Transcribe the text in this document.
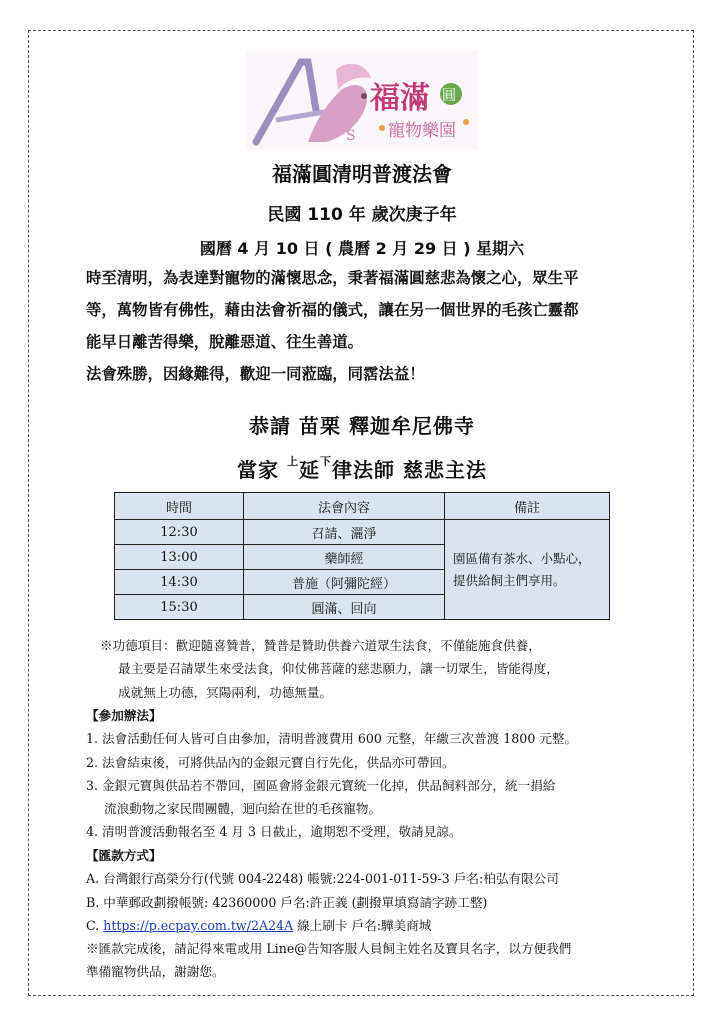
S
福滿 圓
寵物樂園
福滿圓清明普渡法會
民國 110 年 歲次庚子年
國曆 4 月 10 日 ( 農曆 2 月 29 日 ) 星期六

時至清明，為表達對寵物的滿懷思念，秉著福滿圓慈悲為懷之心，眾生平

等，萬物皆有佛性，藉由法會祈福的儀式，讓在另一個世界的毛孩亡靈都

能早日離苦得樂，脫離惡道、往生善道。

法會殊勝，因緣難得，歡迎一同蒞臨，同霑法益！

恭請 苗栗 釋迦牟尼佛寺
當家 $^上$延$^下$律法師 慈悲主法
時間	法會內容	備註
12:30	召請、灑淨	園區備有茶水、小點心，
提供給飼主們享用。

13:00	藥師經	
14:30	普施（阿彌陀經）	
15:30	圓滿、回向	

※功德項目：歡迎隨喜贊普，贊普是贊助供養六道眾生法食，不僅能施食供養，

最主要是召請眾生來受法食，仰仗佛菩薩的慈悲願力，讓一切眾生，皆能得度，

成就無上功德，冥陽兩利，功德無量。

【參加辦法】

1. 法會活動任何人皆可自由參加，清明普渡費用 600 元整，年繳三次普渡 1800 元整。

2. 法會結束後，可將供品內的金銀元寶自行先化，供品亦可帶回。

3. 金銀元寶與供品若不帶回，園區會將金銀元寶統一化掉，供品飼料部分，統一捐給

流浪動物之家民間團體，迴向給在世的毛孩寵物。

4. 清明普渡活動報名至 4 月 3 日截止，逾期恕不受理，敬請見諒。

【匯款方式】

A. 台灣銀行高榮分行(代號 004-2248) 帳號:224-001-011-59-3 戶名:柏弘有限公司

B. 中華郵政劃撥帳號: 42360000 戶名:許正義 (劃撥單填寫請字跡工整)

C. https://p.ecpay.com.tw/2A24A 線上刷卡 戶名:驊美商城

※匯款完成後，請記得來電或用 Line@告知客服人員飼主姓名及寶貝名字，以方便我們

準備寵物供品，謝謝您。
